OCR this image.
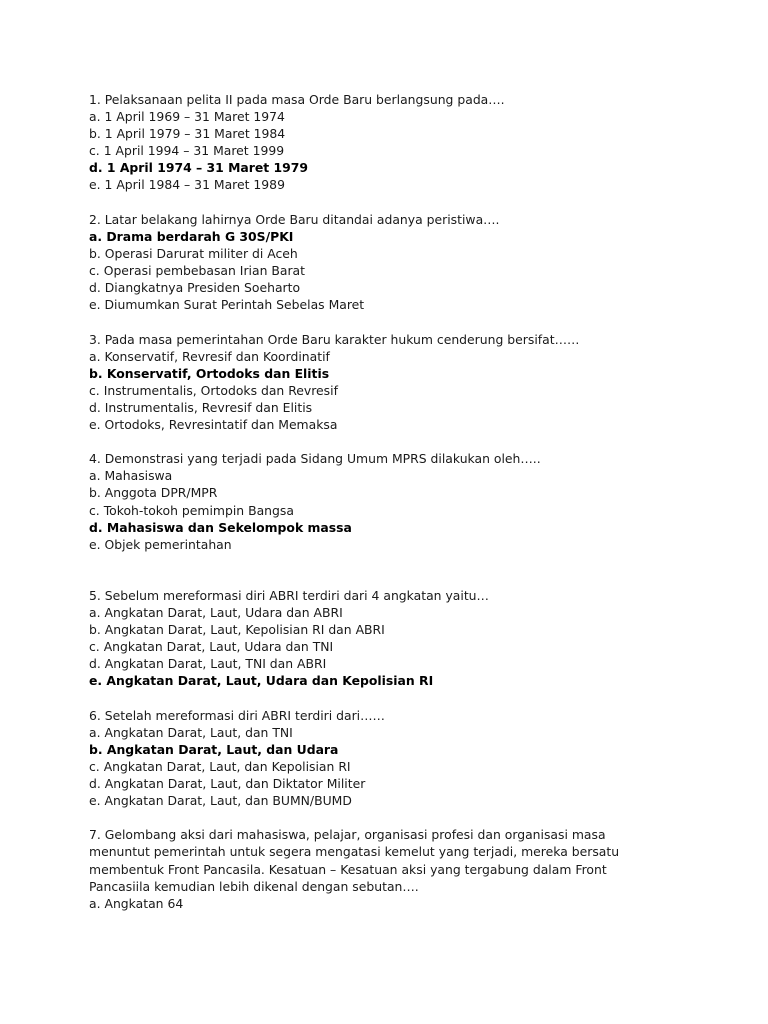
1. Pelaksanaan pelita II pada masa Orde Baru berlangsung pada….
a. 1 April 1969 – 31 Maret 1974
b. 1 April 1979 – 31 Maret 1984
c. 1 April 1994 – 31 Maret 1999
d. 1 April 1974 – 31 Maret 1979
e. 1 April 1984 – 31 Maret 1989
2. Latar belakang lahirnya Orde Baru ditandai adanya peristiwa….
a. Drama berdarah G 30S/PKI
b. Operasi Darurat militer di Aceh
c. Operasi pembebasan Irian Barat
d. Diangkatnya Presiden Soeharto
e. Diumumkan Surat Perintah Sebelas Maret
3. Pada masa pemerintahan Orde Baru karakter hukum cenderung bersifat……
a. Konservatif, Revresif dan Koordinatif
b. Konservatif, Ortodoks dan Elitis
c. Instrumentalis, Ortodoks dan Revresif
d. Instrumentalis, Revresif dan Elitis
e. Ortodoks, Revresintatif dan Memaksa
4. Demonstrasi yang terjadi pada Sidang Umum MPRS dilakukan oleh…..
a. Mahasiswa
b. Anggota DPR/MPR
c. Tokoh-tokoh pemimpin Bangsa
d. Mahasiswa dan Sekelompok massa
e. Objek pemerintahan
5. Sebelum mereformasi diri ABRI terdiri dari 4 angkatan yaitu…
a. Angkatan Darat, Laut, Udara dan ABRI
b. Angkatan Darat, Laut, Kepolisian RI dan ABRI
c. Angkatan Darat, Laut, Udara dan TNI
d. Angkatan Darat, Laut, TNI dan ABRI
e. Angkatan Darat, Laut, Udara dan Kepolisian RI
6. Setelah mereformasi diri ABRI terdiri dari……
a. Angkatan Darat, Laut, dan TNI
b. Angkatan Darat, Laut, dan Udara
c. Angkatan Darat, Laut, dan Kepolisian RI
d. Angkatan Darat, Laut, dan Diktator Militer
e. Angkatan Darat, Laut, dan BUMN/BUMD
7. Gelombang aksi dari mahasiswa, pelajar, organisasi profesi dan organisasi masa
menuntut pemerintah untuk segera mengatasi kemelut yang terjadi, mereka bersatu
membentuk Front Pancasila. Kesatuan – Kesatuan aksi yang tergabung dalam Front
Pancasiila kemudian lebih dikenal dengan sebutan….
a. Angkatan 64
